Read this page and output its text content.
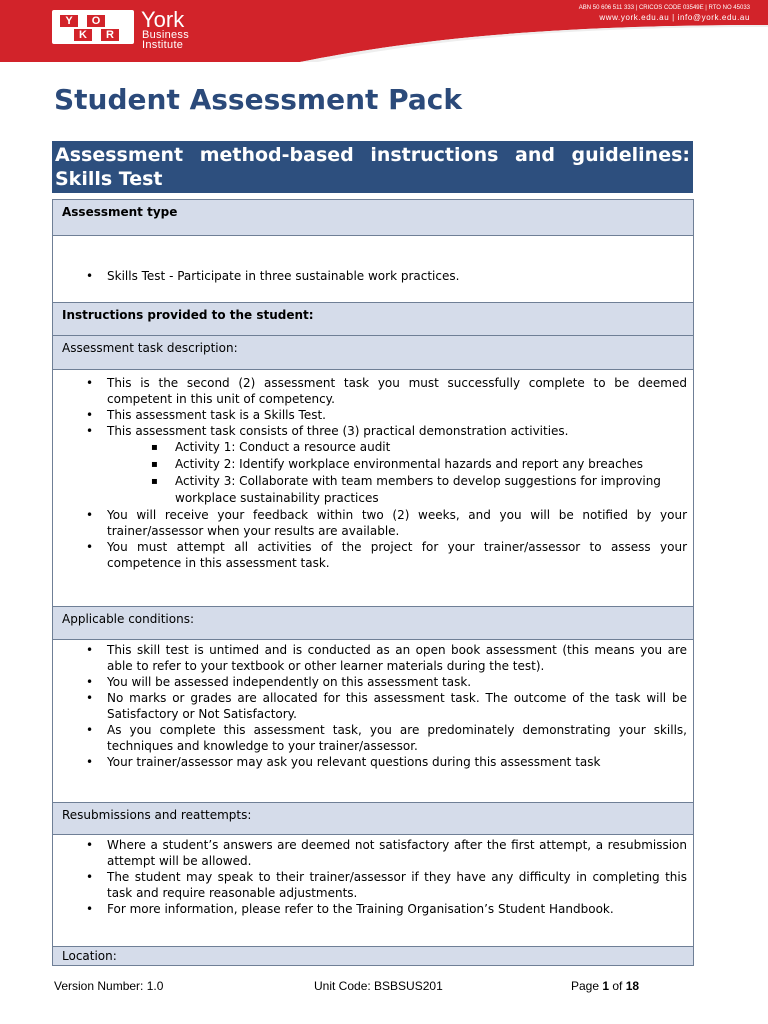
Y	O
K	R
York
Business
Institute
ABN 50 606 511 333 | CRICOS CODE 03549E | RTO NO 45033
www.york.edu.au | info@york.edu.au
Student Assessment Pack
Assessment method-based instructions and guidelines:
Skills Test
Assessment type
• Skills Test - Participate in three sustainable work practices.
Instructions provided to the student:
Assessment task description:
• This is the second (2) assessment task you must successfully complete to be deemed competent in this unit of competency.
• This assessment task is a Skills Test.
• This assessment task consists of three (3) practical demonstration activities.
▪ Activity 1: Conduct a resource audit
▪ Activity 2: Identify workplace environmental hazards and report any breaches
▪ Activity 3: Collaborate with team members to develop suggestions for improving workplace sustainability practices
• You will receive your feedback within two (2) weeks, and you will be notified by your trainer/assessor when your results are available.
• You must attempt all activities of the project for your trainer/assessor to assess your competence in this assessment task.
Applicable conditions:
• This skill test is untimed and is conducted as an open book assessment (this means you are able to refer to your textbook or other learner materials during the test).
• You will be assessed independently on this assessment task.
• No marks or grades are allocated for this assessment task. The outcome of the task will be Satisfactory or Not Satisfactory.
• As you complete this assessment task, you are predominately demonstrating your skills, techniques and knowledge to your trainer/assessor.
• Your trainer/assessor may ask you relevant questions during this assessment task
Resubmissions and reattempts:
• Where a student’s answers are deemed not satisfactory after the first attempt, a resubmission attempt will be allowed.
• The student may speak to their trainer/assessor if they have any difficulty in completing this task and require reasonable adjustments.
• For more information, please refer to the Training Organisation’s Student Handbook.
Location:
Version Number: 1.0	Unit Code: BSBSUS201	Page 1 of 18
